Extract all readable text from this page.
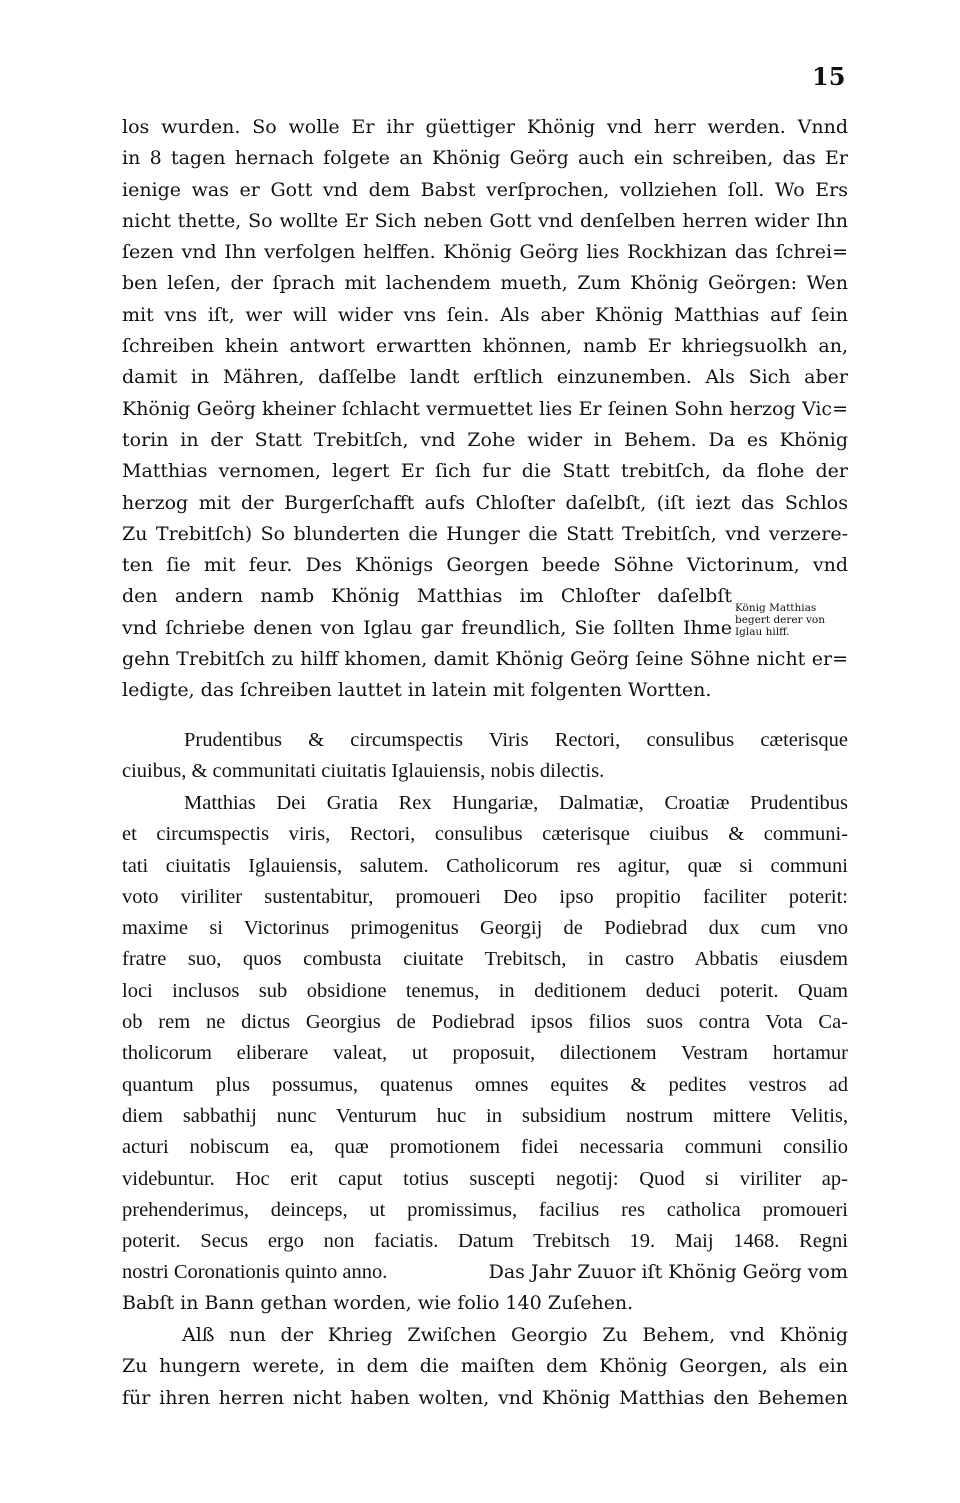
15
los wurden. So wolle Er ihr güettiger Khönig vnd herr werden. Vnnd
in 8 tagen hernach folgete an Khönig Geörg auch ein schreiben, das Er
ienige was er Gott vnd dem Babst verſprochen, vollziehen ſoll. Wo Ers
nicht thette, So wollte Er Sich neben Gott vnd denſelben herren wider Ihn
ſezen vnd Ihn verfolgen helffen. Khönig Geörg lies Rockhizan das ſchrei=
ben leſen, der ſprach mit lachendem mueth, Zum Khönig Geörgen: Wen
mit vns iſt, wer will wider vns ſein. Als aber Khönig Matthias auf ſein
ſchreiben khein antwort erwartten khönnen, namb Er khriegsuolkh an,
damit in Mähren, daſſelbe landt erſtlich einzunemben. Als Sich aber
Khönig Geörg kheiner ſchlacht vermuettet lies Er ſeinen Sohn herzog Vic=
torin in der Statt Trebitſch, vnd Zohe wider in Behem. Da es Khönig
Matthias vernomen, legert Er ſich fur die Statt trebitſch, da flohe der
herzog mit der Burgerſchafft aufs Chloſter daſelbſt, (iſt iezt das Schlos
Zu Trebitſch) So blunderten die Hunger die Statt Trebitſch, vnd verzere-
ten ſie mit feur. Des Khönigs Georgen beede Söhne Victorinum, vnd
den andern namb Khönig Matthias im Chloſter daſelbſt
vnd ſchriebe denen von Iglau gar freundlich, Sie ſollten Ihme
gehn Trebitſch zu hilff khomen, damit Khönig Geörg ſeine Söhne nicht er=
ledigte, das ſchreiben lauttet in latein mit folgenten Wortten.
König Matthias
begert derer von
Iglau hilff.
Prudentibus & circumspectis Viris Rectori, consulibus cæterisque
ciuibus, & communitati ciuitatis Iglauiensis, nobis dilectis.
Matthias Dei Gratia Rex Hungariæ, Dalmatiæ, Croatiæ Prudentibus
et circumspectis viris, Rectori, consulibus cæterisque ciuibus & communi-
tati ciuitatis Iglauiensis, salutem. Catholicorum res agitur, quæ si communi
voto viriliter sustentabitur, promoueri Deo ipso propitio faciliter poterit:
maxime si Victorinus primogenitus Georgij de Podiebrad dux cum vno
fratre suo, quos combusta ciuitate Trebitsch, in castro Abbatis eiusdem
loci inclusos sub obsidione tenemus, in deditionem deduci poterit. Quam
ob rem ne dictus Georgius de Podiebrad ipsos filios suos contra Vota Ca-
tholicorum eliberare valeat, ut proposuit, dilectionem Vestram hortamur
quantum plus possumus, quatenus omnes equites & pedites vestros ad
diem sabbathij nunc Venturum huc in subsidium nostrum mittere Velitis,
acturi nobiscum ea, quæ promotionem fidei necessaria communi consilio
videbuntur. Hoc erit caput totius suscepti negotij: Quod si viriliter ap-
prehenderimus, deinceps, ut promissimus, facilius res catholica promoueri
poterit. Secus ergo non faciatis. Datum Trebitsch 19. Maij 1468. Regni
nostri Coronationis quinto anno.	Das Jahr Zuuor iſt Khönig Geörg vom
Babſt in Bann gethan worden, wie folio 140 Zuſehen.
Alß nun der Khrieg Zwiſchen Georgio Zu Behem, vnd Khönig
Zu hungern werete, in dem die maiſten dem Khönig Georgen, als ein
für ihren herren nicht haben wolten, vnd Khönig Matthias den Behemen
